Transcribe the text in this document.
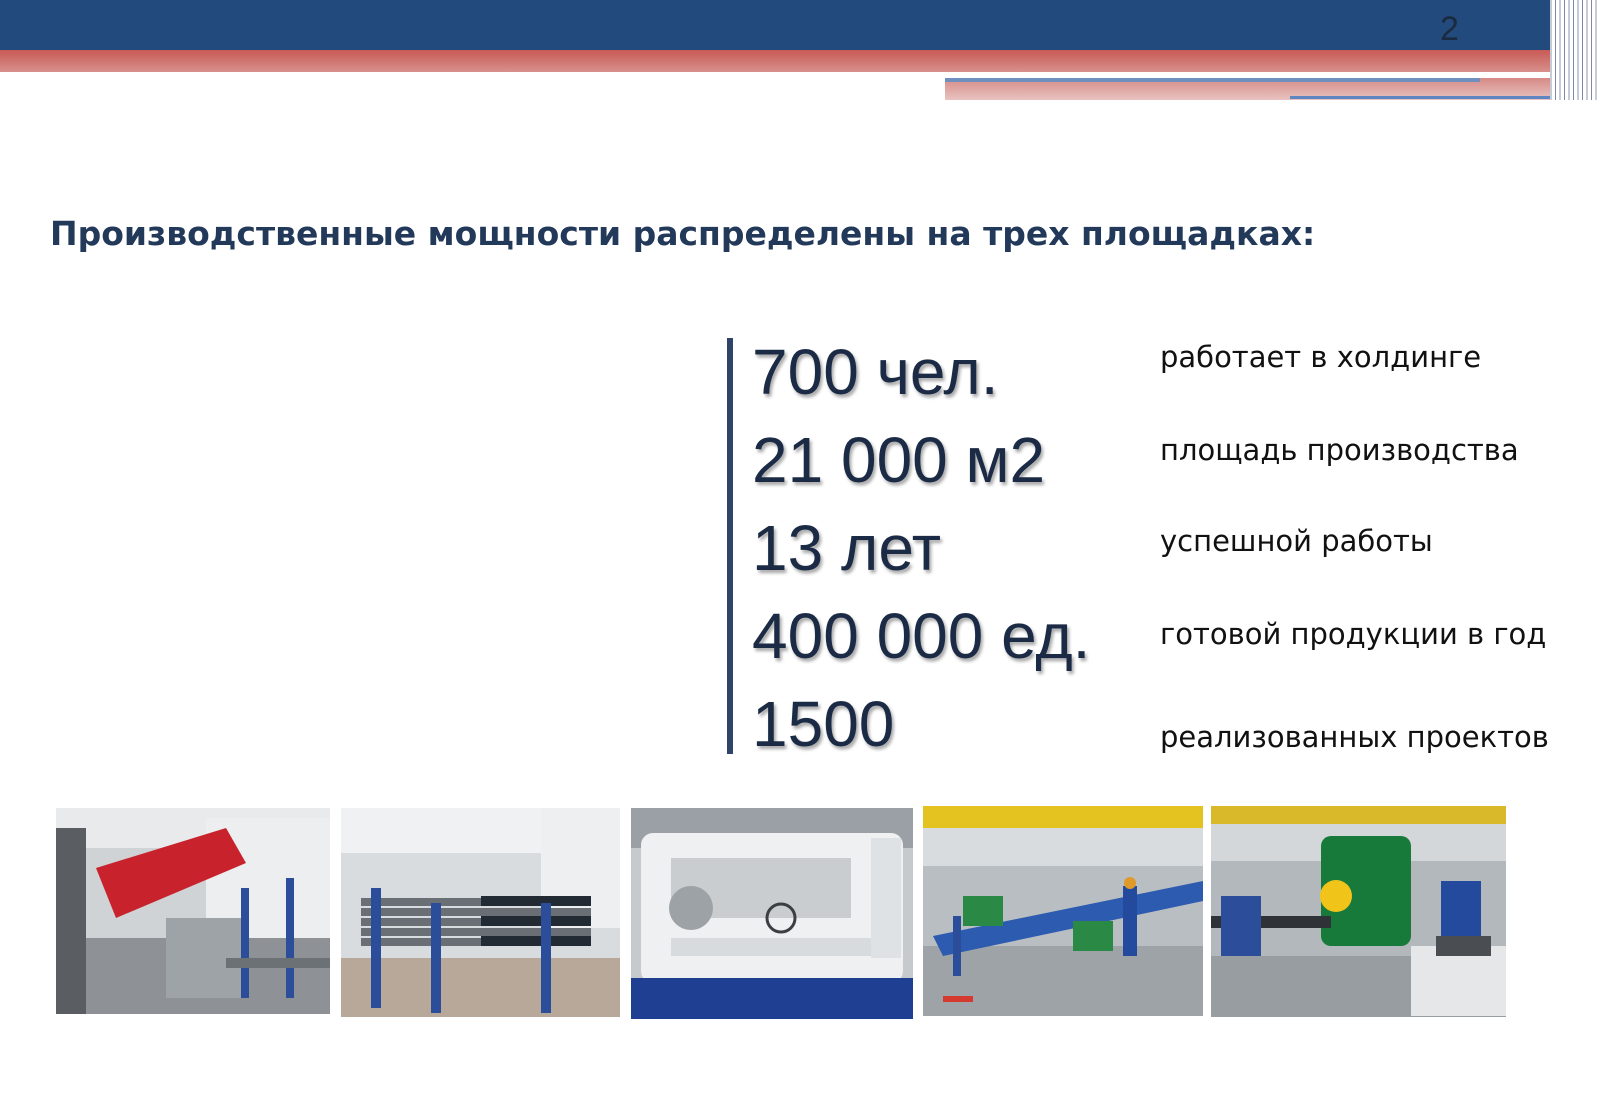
2
Производственные мощности распределены на трех площадках:
700 чел.	работает в холдинге
21 000 м2	площадь производства
13 лет	успешной работы
400 000 ед. готовой продукции в год
1500	реализованных проектов
